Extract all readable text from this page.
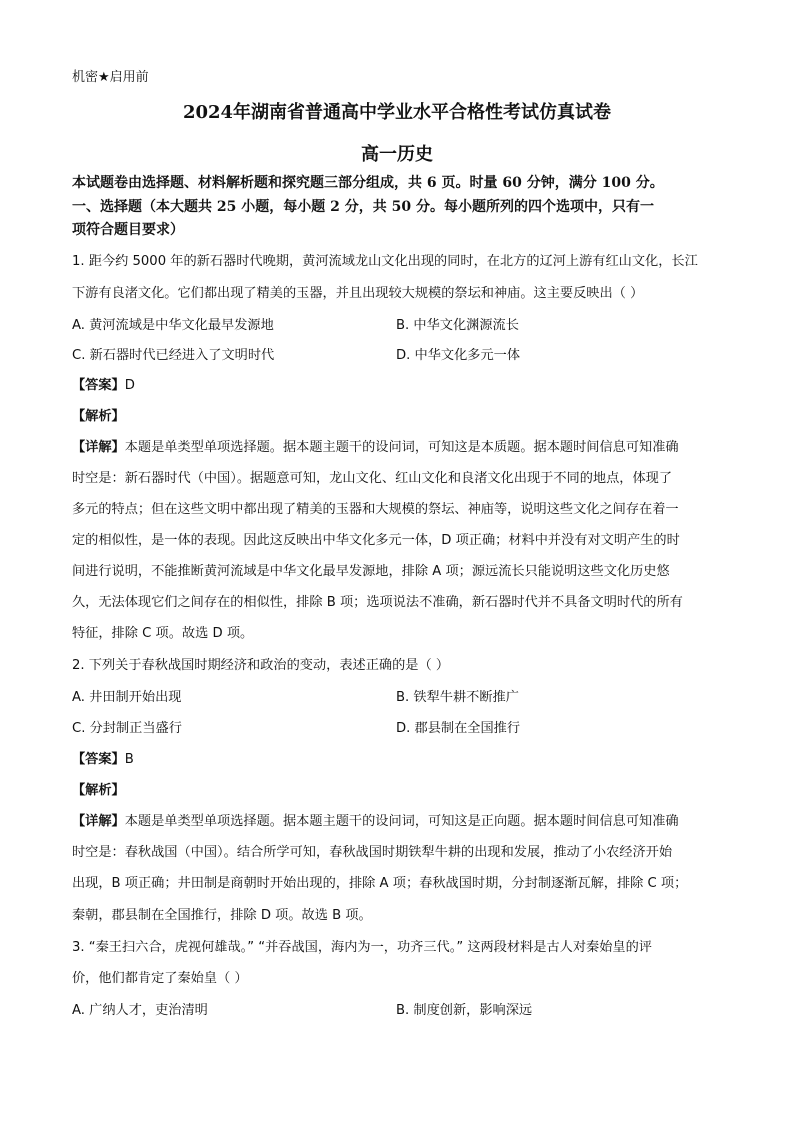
机密★启用前
2024年湖南省普通高中学业水平合格性考试仿真试卷
高一历史
本试题卷由选择题、材料解析题和探究题三部分组成，共 6 页。时量 60 分钟，满分 100 分。
一、选择题（本大题共 25 小题，每小题 2 分，共 50 分。每小题所列的四个选项中，只有一
项符合题目要求）
1. 距今约 5000 年的新石器时代晚期，黄河流域龙山文化出现的同时，在北方的辽河上游有红山文化，长江
下游有良渚文化。它们都出现了精美的玉器，并且出现较大规模的祭坛和神庙。这主要反映出（ ）
A. 黄河流域是中华文化最早发源地	B. 中华文化渊源流长
C. 新石器时代已经进入了文明时代	D. 中华文化多元一体
【答案】D
【解析】
【详解】本题是单类型单项选择题。据本题主题干的设问词，可知这是本质题。据本题时间信息可知准确
时空是：新石器时代（中国）。据题意可知，龙山文化、红山文化和良渚文化出现于不同的地点，体现了
多元的特点；但在这些文明中都出现了精美的玉器和大规模的祭坛、神庙等，说明这些文化之间存在着一
定的相似性，是一体的表现。因此这反映出中华文化多元一体，D 项正确；材料中并没有对文明产生的时
间进行说明，不能推断黄河流域是中华文化最早发源地，排除 A 项；源远流长只能说明这些文化历史悠
久，无法体现它们之间存在的相似性，排除 B 项；选项说法不准确，新石器时代并不具备文明时代的所有
特征，排除 C 项。故选 D 项。
2. 下列关于春秋战国时期经济和政治的变动，表述正确的是（ ）
A. 井田制开始出现	B. 铁犁牛耕不断推广
C. 分封制正当盛行	D. 郡县制在全国推行
【答案】B
【解析】
【详解】本题是单类型单项选择题。据本题主题干的设问词，可知这是正向题。据本题时间信息可知准确
时空是：春秋战国（中国）。结合所学可知，春秋战国时期铁犁牛耕的出现和发展，推动了小农经济开始
出现，B 项正确；井田制是商朝时开始出现的，排除 A 项；春秋战国时期，分封制逐渐瓦解，排除 C 项；
秦朝，郡县制在全国推行，排除 D 项。故选 B 项。
3. “秦王扫六合，虎视何雄哉。” “并吞战国，海内为一，功齐三代。” 这两段材料是古人对秦始皇的评
价，他们都肯定了秦始皇（ ）
A. 广纳人才，吏治清明	B. 制度创新，影响深远
